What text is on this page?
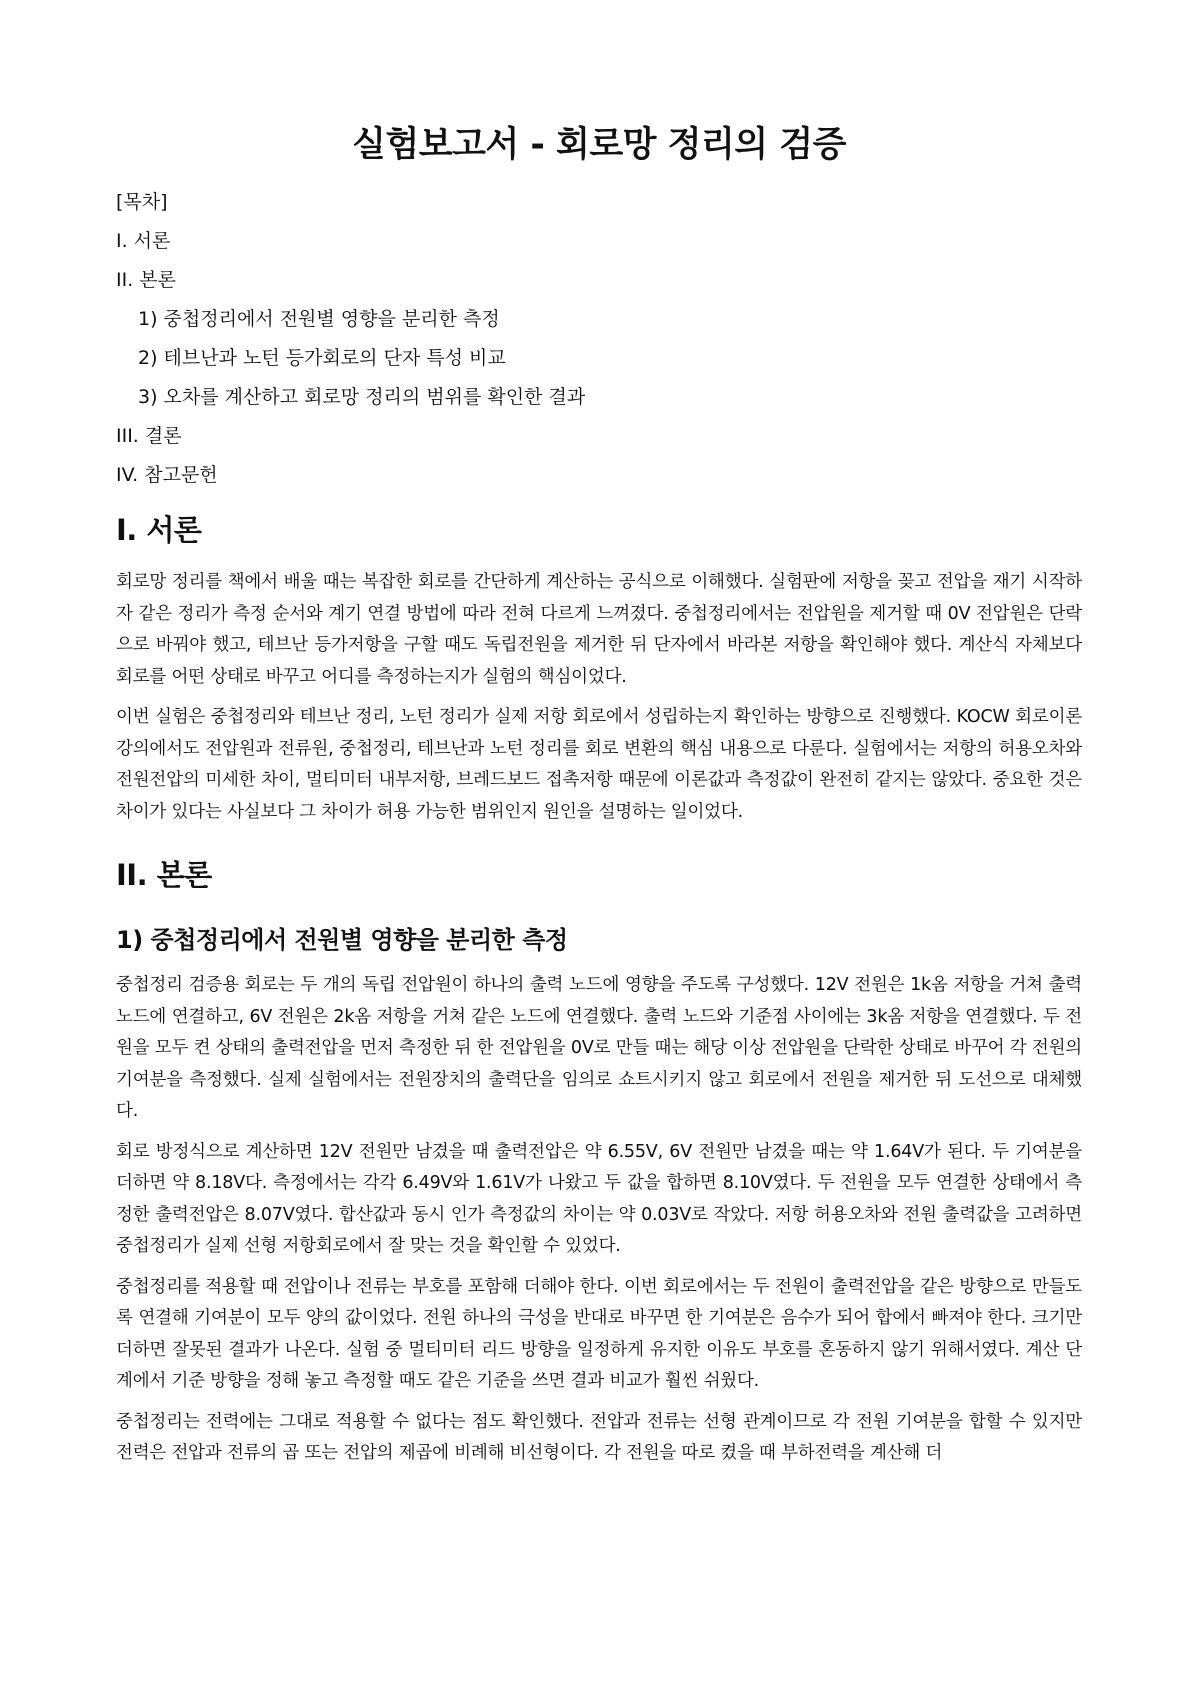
실험보고서 - 회로망 정리의 검증
[목차]
I. 서론
II. 본론
1) 중첩정리에서 전원별 영향을 분리한 측정
2) 테브난과 노턴 등가회로의 단자 특성 비교
3) 오차를 계산하고 회로망 정리의 범위를 확인한 결과
III. 결론
IV. 참고문헌
I. 서론

회로망 정리를 책에서 배울 때는 복잡한 회로를 간단하게 계산하는 공식으로 이해했다. 실험판에 저항을 꽂고 전압을 재기 시작하자 같은 정리가 측정 순서와 계기 연결 방법에 따라 전혀 다르게 느껴졌다. 중첩정리에서는 전압원을 제거할 때 0V 전압원은 단락으로 바꿔야 했고, 테브난 등가저항을 구할 때도 독립전원을 제거한 뒤 단자에서 바라본 저항을 확인해야 했다. 계산식 자체보다 회로를 어떤 상태로 바꾸고 어디를 측정하는지가 실험의 핵심이었다.

이번 실험은 중첩정리와 테브난 정리, 노턴 정리가 실제 저항 회로에서 성립하는지 확인하는 방향으로 진행했다. KOCW 회로이론 강의에서도 전압원과 전류원, 중첩정리, 테브난과 노턴 정리를 회로 변환의 핵심 내용으로 다룬다. 실험에서는 저항의 허용오차와 전원전압의 미세한 차이, 멀티미터 내부저항, 브레드보드 접촉저항 때문에 이론값과 측정값이 완전히 같지는 않았다. 중요한 것은 차이가 있다는 사실보다 그 차이가 허용 가능한 범위인지 원인을 설명하는 일이었다.

II. 본론
1) 중첩정리에서 전원별 영향을 분리한 측정

중첩정리 검증용 회로는 두 개의 독립 전압원이 하나의 출력 노드에 영향을 주도록 구성했다. 12V 전원은 1k옴 저항을 거쳐 출력 노드에 연결하고, 6V 전원은 2k옴 저항을 거쳐 같은 노드에 연결했다. 출력 노드와 기준점 사이에는 3k옴 저항을 연결했다. 두 전원을 모두 켠 상태의 출력전압을 먼저 측정한 뒤 한 전압원을 0V로 만들 때는 해당 이상 전압원을 단락한 상태로 바꾸어 각 전원의 기여분을 측정했다. 실제 실험에서는 전원장치의 출력단을 임의로 쇼트시키지 않고 회로에서 전원을 제거한 뒤 도선으로 대체했다.

회로 방정식으로 계산하면 12V 전원만 남겼을 때 출력전압은 약 6.55V, 6V 전원만 남겼을 때는 약 1.64V가 된다. 두 기여분을 더하면 약 8.18V다. 측정에서는 각각 6.49V와 1.61V가 나왔고 두 값을 합하면 8.10V였다. 두 전원을 모두 연결한 상태에서 측정한 출력전압은 8.07V였다. 합산값과 동시 인가 측정값의 차이는 약 0.03V로 작았다. 저항 허용오차와 전원 출력값을 고려하면 중첩정리가 실제 선형 저항회로에서 잘 맞는 것을 확인할 수 있었다.

중첩정리를 적용할 때 전압이나 전류는 부호를 포함해 더해야 한다. 이번 회로에서는 두 전원이 출력전압을 같은 방향으로 만들도록 연결해 기여분이 모두 양의 값이었다. 전원 하나의 극성을 반대로 바꾸면 한 기여분은 음수가 되어 합에서 빠져야 한다. 크기만 더하면 잘못된 결과가 나온다. 실험 중 멀티미터 리드 방향을 일정하게 유지한 이유도 부호를 혼동하지 않기 위해서였다. 계산 단계에서 기준 방향을 정해 놓고 측정할 때도 같은 기준을 쓰면 결과 비교가 훨씬 쉬웠다.

중첩정리는 전력에는 그대로 적용할 수 없다는 점도 확인했다. 전압과 전류는 선형 관계이므로 각 전원 기여분을 합할 수 있지만 전력은 전압과 전류의 곱 또는 전압의 제곱에 비례해 비선형이다. 각 전원을 따로 켰을 때 부하전력을 계산해 더
